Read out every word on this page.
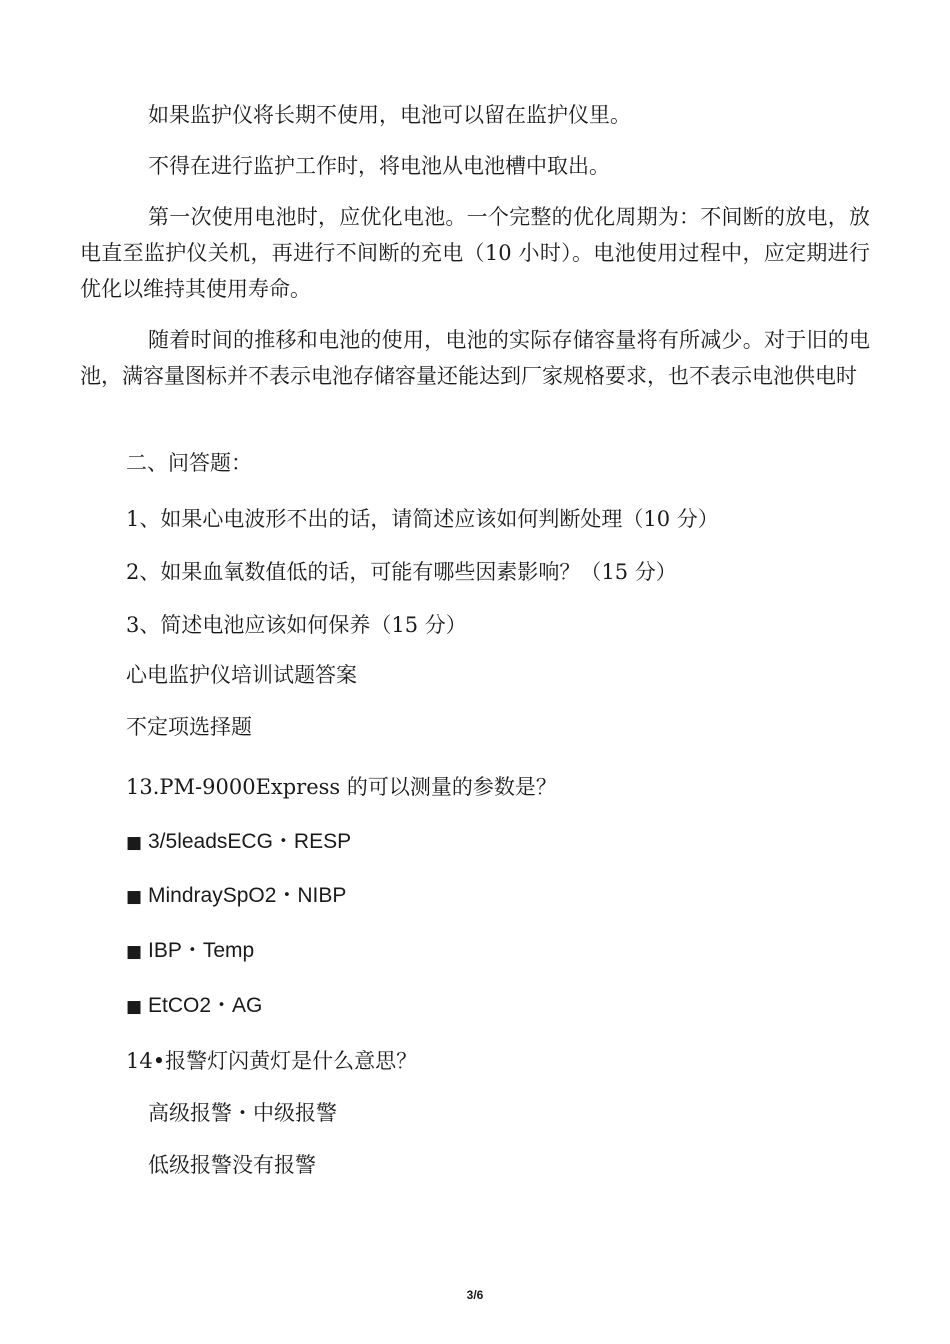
如果监护仪将长期不使用，电池可以留在监护仪里。

不得在进行监护工作时，将电池从电池槽中取出。

第一次使用电池时，应优化电池。一个完整的优化周期为：不间断的放电，放电直至监护仪关机，再进行不间断的充电（10 小时）。电池使用过程中，应定期进行优化以维持其使用寿命。

随着时间的推移和电池的使用，电池的实际存储容量将有所减少。对于旧的电池，满容量图标并不表示电池存储容量还能达到厂家规格要求，也不表示电池供电时

二、问答题：

1、如果心电波形不出的话，请简述应该如何判断处理（10 分）

2、如果血氧数值低的话，可能有哪些因素影响？（15 分）

3、简述电池应该如何保养（15 分）

心电监护仪培训试题答案

不定项选择题

13.PM-9000Express 的可以测量的参数是？

■ 3/5leadsECG・RESP

■ MindraySpO2・NIBP

■ IBP・Temp

■ EtCO2・AG

14•报警灯闪黄灯是什么意思？

高级报警・中级报警

低级报警没有报警

3/6
